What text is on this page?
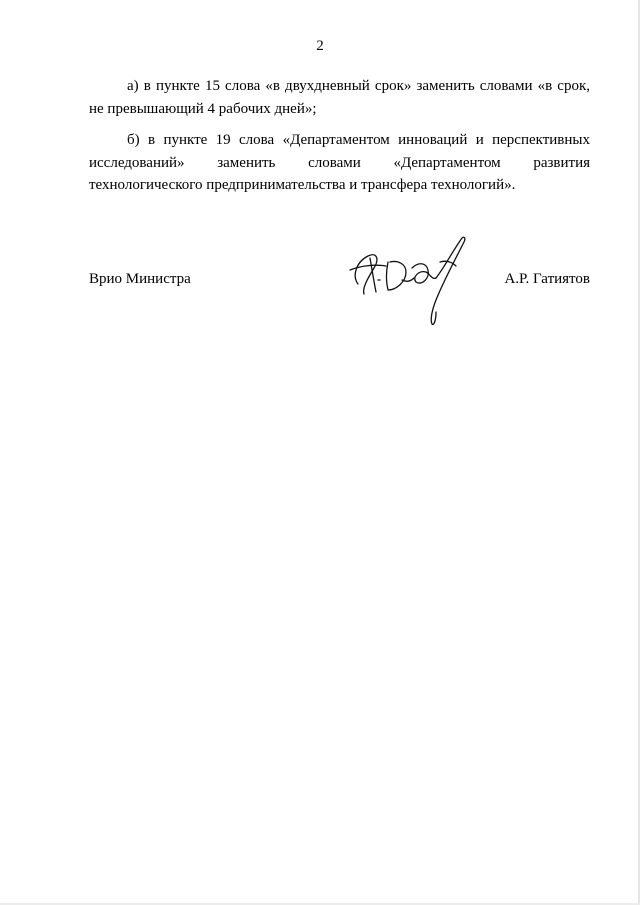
2

а) в пункте 15 слова «в двухдневный срок» заменить словами «в срок, не превышающий 4 рабочих дней»;

б) в пункте 19 слова «Департаментом инноваций и перспективных исследований» заменить словами «Департаментом развития технологического предпринимательства и трансфера технологий».

Врио Министра	А.Р. Гатиятов
